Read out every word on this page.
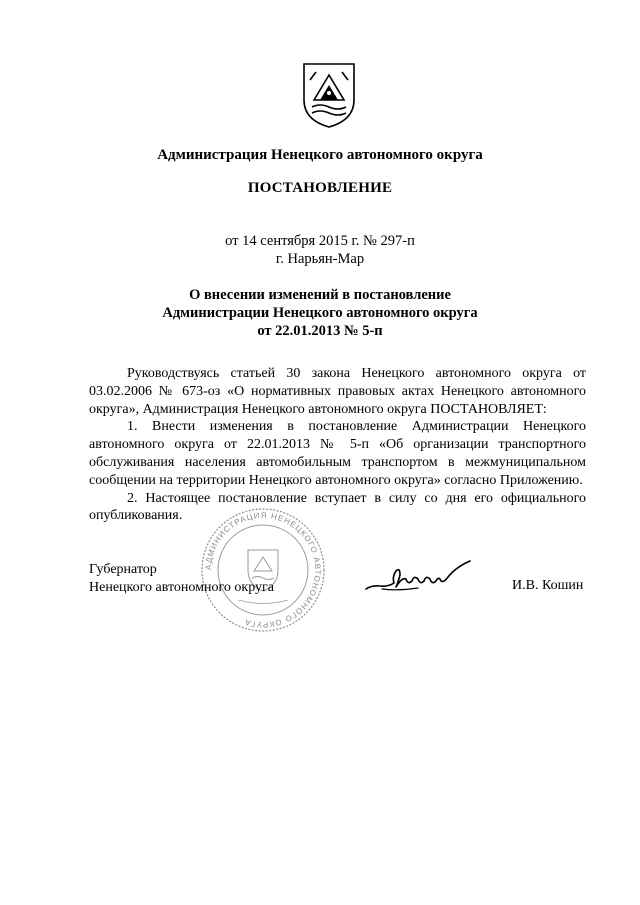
Администрация Ненецкого автономного округа
ПОСТАНОВЛЕНИЕ
от 14 сентября 2015 г. № 297-п
г. Нарьян-Мар
О внесении изменений в постановление
Администрации Ненецкого автономного округа
от 22.01.2013 № 5-п

Руководствуясь статьей 30 закона Ненецкого автономного округа от 03.02.2006 № 673-оз «О нормативных правовых актах Ненецкого автономного округа», Администрация Ненецкого автономного округа ПОСТАНОВЛЯЕТ:

1. Внести изменения в постановление Администрации Ненецкого автономного округа от 22.01.2013 № 5-п «Об организации транспортного обслуживания населения автомобильным транспортом в межмуниципальном сообщении на территории Ненецкого автономного округа» согласно Приложению.

2. Настоящее постановление вступает в силу со дня его официального опубликования.

АДМИНИСТРАЦИЯ НЕНЕЦКОГО АВТОНОМНОГО ОКРУГА
Губернатор
Ненецкого автономного округа	И.В. Кошин
